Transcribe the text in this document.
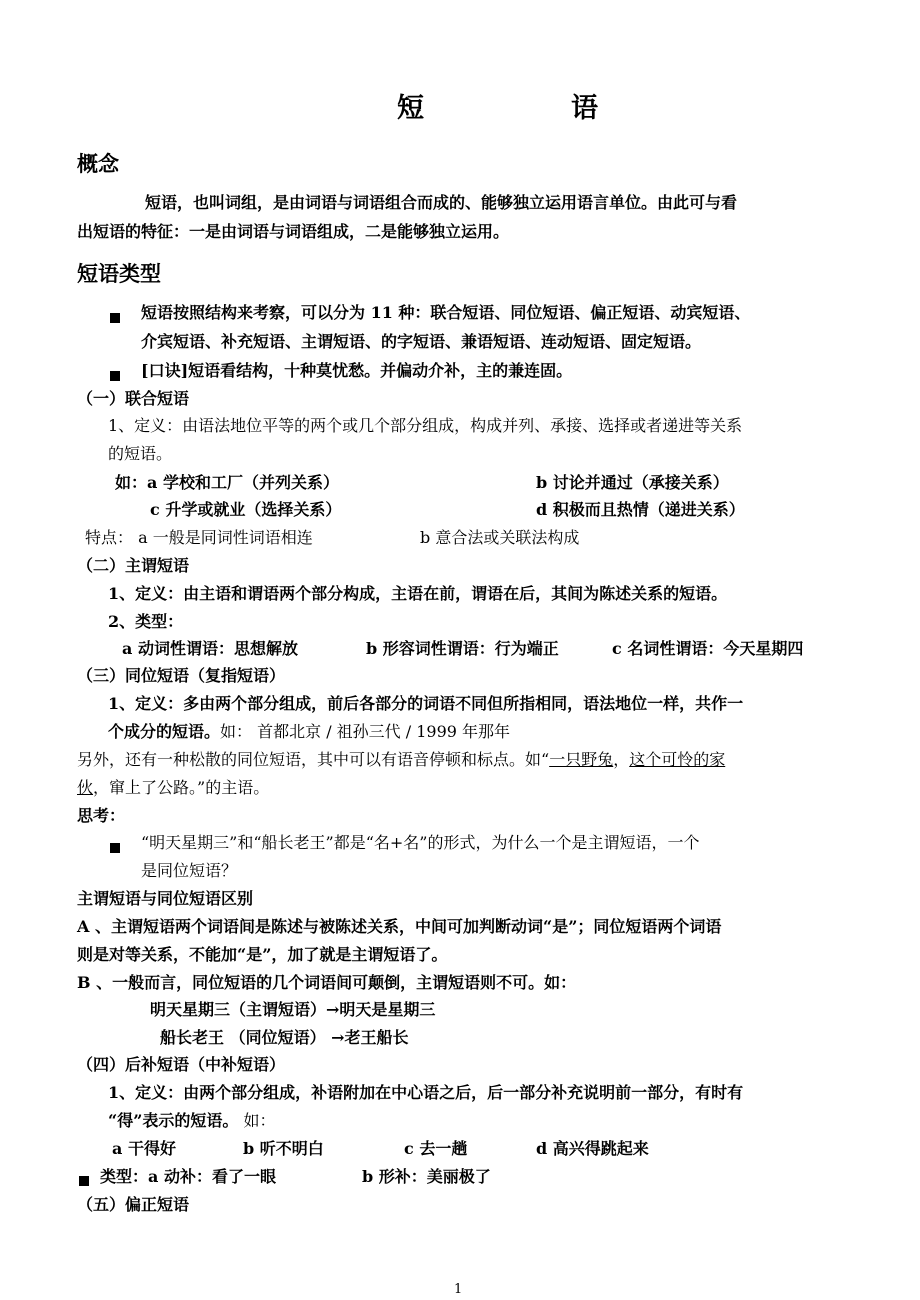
短　语
概念
短语，也叫词组，是由词语与词语组合而成的、能够独立运用语言单位。由此可与看
出短语的特征：一是由词语与词语组成，二是能够独立运用。
短语类型
短语按照结构来考察，可以分为 11 种：联合短语、同位短语、偏正短语、动宾短语、
介宾短语、补充短语、主谓短语、的字短语、兼语短语、连动短语、固定短语。
[口诀]短语看结构，十种莫忧愁。并偏动介补，主的兼连固。
（一）联合短语
1、定义：由语法地位平等的两个或几个部分组成，构成并列、承接、选择或者递进等关系
的短语。
如：a 学校和工厂（并列关系）	b 讨论并通过（承接关系）
c 升学或就业（选择关系）	d 积极而且热情（递进关系）
特点： a 一般是同词性词语相连	b 意合法或关联法构成
（二）主谓短语
1、定义：由主语和谓语两个部分构成，主语在前，谓语在后，其间为陈述关系的短语。
2、类型：
a 动词性谓语：思想解放	b 形容词性谓语：行为端正	c 名词性谓语：今天星期四
（三）同位短语（复指短语）
1、定义：多由两个部分组成，前后各部分的词语不同但所指相同，语法地位一样，共作一
个成分的短语。如： 首都北京 / 祖孙三代 / 1999 年那年
另外，还有一种松散的同位短语，其中可以有语音停顿和标点。如“一只野兔，这个可怜的家
伙，窜上了公路。”的主语。
思考：
“明天星期三”和“船长老王”都是“名+名”的形式，为什么一个是主谓短语，一个
是同位短语？
主谓短语与同位短语区别
A 、主谓短语两个词语间是陈述与被陈述关系，中间可加判断动词“是”；同位短语两个词语
则是对等关系，不能加“是”，加了就是主谓短语了。
B 、一般而言，同位短语的几个词语间可颠倒，主谓短语则不可。如：
明天星期三（主谓短语）→明天是星期三
船长老王 （同位短语） →老王船长
（四）后补短语（中补短语）
1、定义：由两个部分组成，补语附加在中心语之后，后一部分补充说明前一部分，有时有
“得”表示的短语。 如：
a 干得好	b 听不明白	c 去一趟	d 高兴得跳起来
类型：a 动补：看了一眼	b 形补：美丽极了
（五）偏正短语
1
